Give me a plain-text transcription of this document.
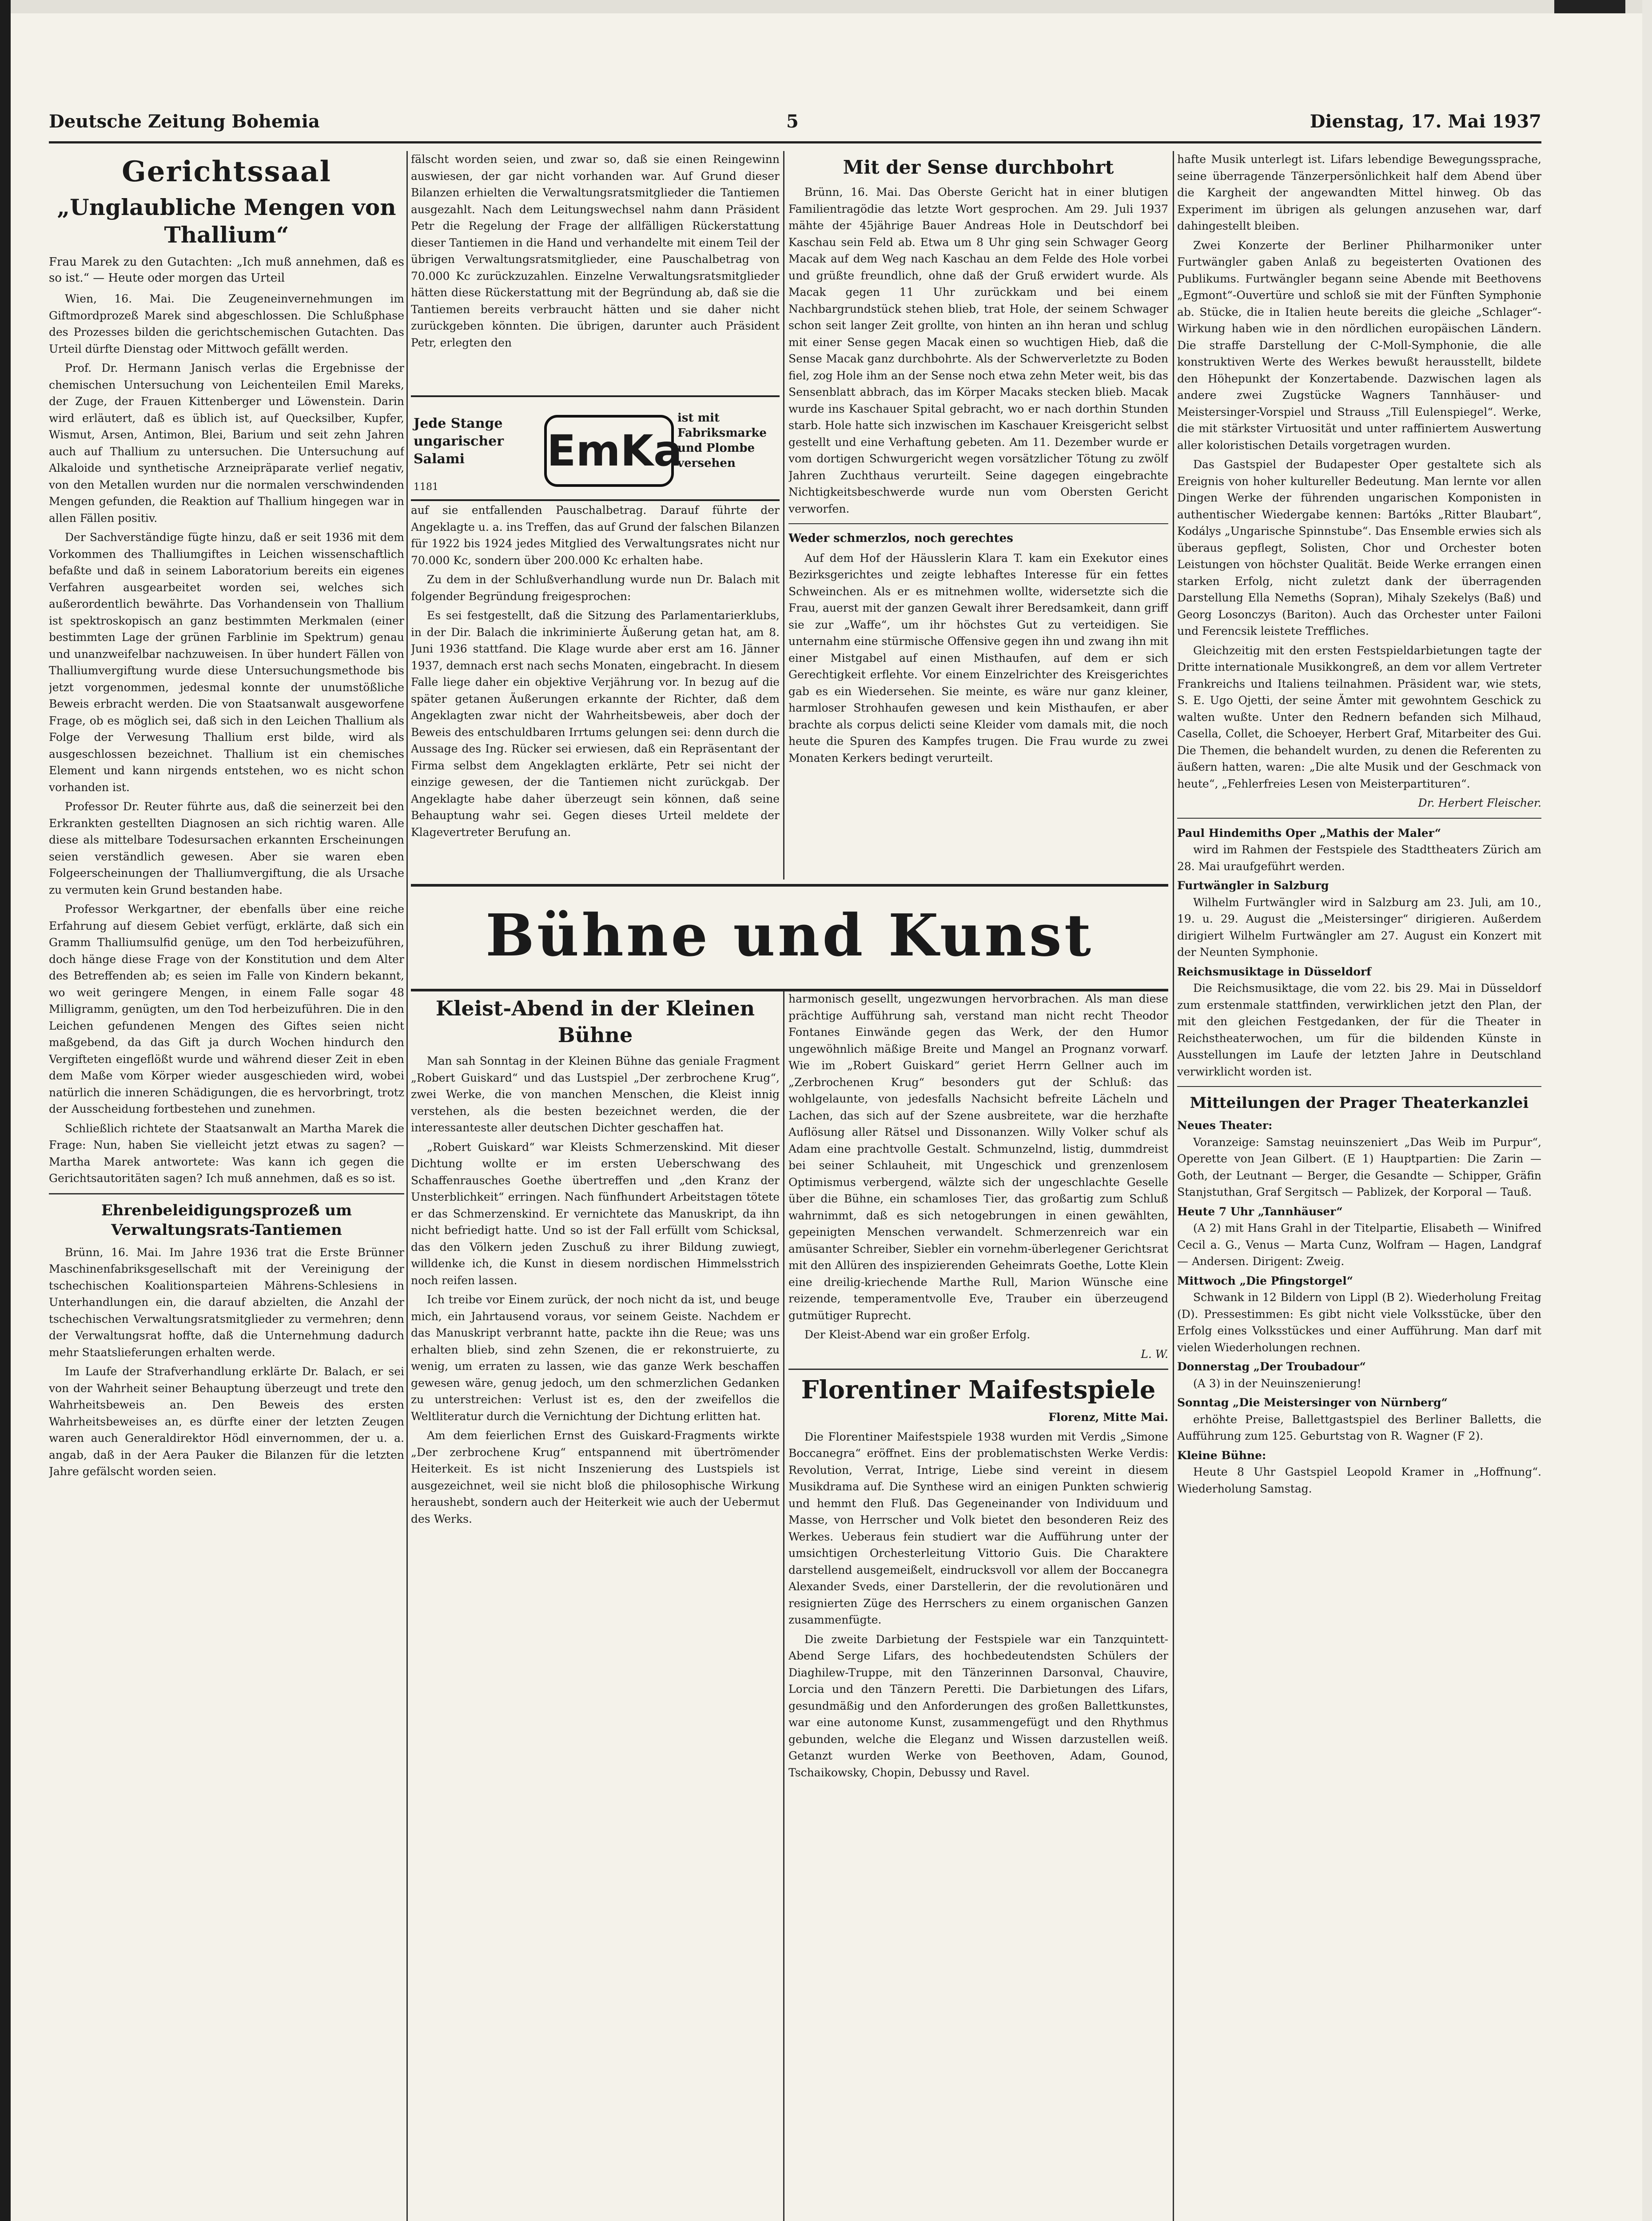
Deutsche Zeitung Bohemia	5	Dienstag, 17. Mai 1937
Gerichtssaal
„Unglaubliche Mengen von Thallium“
Frau Marek zu den Gutachten: „Ich muß annehmen, daß es so ist.“ — Heute oder morgen das Urteil

Wien, 16. Mai. Die Zeugeneinvernehmungen im Giftmordprozeß Marek sind abgeschlossen. Die Schlußphase des Prozesses bilden die gerichtschemischen Gutachten. Das Urteil dürfte Dienstag oder Mittwoch gefällt werden.

Prof. Dr. Hermann Janisch verlas die Ergebnisse der chemischen Untersuchung von Leichenteilen Emil Mareks, der Zuge, der Frauen Kittenberger und Löwenstein. Darin wird erläutert, daß es üblich ist, auf Quecksilber, Kupfer, Wismut, Arsen, Antimon, Blei, Barium und seit zehn Jahren auch auf Thallium zu untersuchen. Die Untersuchung auf Alkaloide und synthetische Arzneipräparate verlief negativ, von den Metallen wurden nur die normalen verschwindenden Mengen gefunden, die Reaktion auf Thallium hingegen war in allen Fällen positiv.

Der Sachverständige fügte hinzu, daß er seit 1936 mit dem Vorkommen des Thalliumgiftes in Leichen wissenschaftlich befaßte und daß in seinem Laboratorium bereits ein eigenes Verfahren ausgearbeitet worden sei, welches sich außerordentlich bewährte. Das Vorhandensein von Thallium ist spektroskopisch an ganz bestimmten Merkmalen (einer bestimmten Lage der grünen Farblinie im Spektrum) genau und unanzweifelbar nachzuweisen. In über hundert Fällen von Thalliumvergiftung wurde diese Untersuchungsmethode bis jetzt vorgenommen, jedesmal konnte der unumstößliche Beweis erbracht werden. Die von Staatsanwalt ausgeworfene Frage, ob es möglich sei, daß sich in den Leichen Thallium als Folge der Verwesung Thallium erst bilde, wird als ausgeschlossen bezeichnet. Thallium ist ein chemisches Element und kann nirgends entstehen, wo es nicht schon vorhanden ist.

Professor Dr. Reuter führte aus, daß die seinerzeit bei den Erkrankten gestellten Diagnosen an sich richtig waren. Alle diese als mittelbare Todesursachen erkannten Erscheinungen seien verständlich gewesen. Aber sie waren eben Folgeerscheinungen der Thalliumvergiftung, die als Ursache zu vermuten kein Grund bestanden habe.

Professor Werkgartner, der ebenfalls über eine reiche Erfahrung auf diesem Gebiet verfügt, erklärte, daß sich ein Gramm Thalliumsulfid genüge, um den Tod herbeizuführen, doch hänge diese Frage von der Konstitution und dem Alter des Betreffenden ab; es seien im Falle von Kindern bekannt, wo weit geringere Mengen, in einem Falle sogar 48 Milligramm, genügten, um den Tod herbeizuführen. Die in den Leichen gefundenen Mengen des Giftes seien nicht maßgebend, da das Gift ja durch Wochen hindurch den Vergifteten eingeflößt wurde und während dieser Zeit in eben dem Maße vom Körper wieder ausgeschieden wird, wobei natürlich die inneren Schädigungen, die es hervorbringt, trotz der Ausscheidung fortbestehen und zunehmen.

Schließlich richtete der Staatsanwalt an Martha Marek die Frage: Nun, haben Sie vielleicht jetzt etwas zu sagen? — Martha Marek antwortete: Was kann ich gegen die Gerichtsautoritäten sagen? Ich muß annehmen, daß es so ist.

Ehrenbeleidigungsprozeß um Verwaltungsrats-Tantiemen

Brünn, 16. Mai. Im Jahre 1936 trat die Erste Brünner Maschinenfabriksgesellschaft mit der Vereinigung der tschechischen Koalitionsparteien Mährens-Schlesiens in Unterhandlungen ein, die darauf abzielten, die Anzahl der tschechischen Verwaltungsratsmitglieder zu vermehren; denn der Verwaltungsrat hoffte, daß die Unternehmung dadurch mehr Staatslieferungen erhalten werde.

Im Laufe der Strafverhandlung erklärte Dr. Balach, er sei von der Wahrheit seiner Behauptung überzeugt und trete den Wahrheitsbeweis an. Den Beweis des ersten Wahrheitsbeweises an, es dürfte einer der letzten Zeugen waren auch Generaldirektor Hödl einvernommen, der u. a. angab, daß in der Aera Pauker die Bilanzen für die letzten Jahre gefälscht worden seien.

fälscht worden seien, und zwar so, daß sie einen Reingewinn auswiesen, der gar nicht vorhanden war. Auf Grund dieser Bilanzen erhielten die Verwaltungsratsmitglieder die Tantiemen ausgezahlt. Nach dem Leitungswechsel nahm dann Präsident Petr die Regelung der Frage der allfälligen Rückerstattung dieser Tantiemen in die Hand und verhandelte mit einem Teil der übrigen Verwaltungsratsmitglieder, eine Pauschalbetrag von 70.000 Kc zurückzuzahlen. Einzelne Verwaltungsratsmitglieder hätten diese Rückerstattung mit der Begründung ab, daß sie die Tantiemen bereits verbraucht hätten und sie daher nicht zurückgeben könnten. Die übrigen, darunter auch Präsident Petr, erlegten den

Jede Stange ungarischer Salami	EmKa
ist mit Fabriksmarke und Plombe versehen
1181

auf sie entfallenden Pauschalbetrag. Darauf führte der Angeklagte u. a. ins Treffen, das auf Grund der falschen Bilanzen für 1922 bis 1924 jedes Mitglied des Verwaltungsrates nicht nur 70.000 Kc, sondern über 200.000 Kc erhalten habe.

Zu dem in der Schlußverhandlung wurde nun Dr. Balach mit folgender Begründung freigesprochen:

Es sei festgestellt, daß die Sitzung des Parlamentarierklubs, in der Dir. Balach die inkriminierte Äußerung getan hat, am 8. Juni 1936 stattfand. Die Klage wurde aber erst am 16. Jänner 1937, demnach erst nach sechs Monaten, eingebracht. In diesem Falle liege daher ein objektive Verjährung vor. In bezug auf die später getanen Äußerungen erkannte der Richter, daß dem Angeklagten zwar nicht der Wahrheitsbeweis, aber doch der Beweis des entschuldbaren Irrtums gelungen sei: denn durch die Aussage des Ing. Rücker sei erwiesen, daß ein Repräsentant der Firma selbst dem Angeklagten erklärte, Petr sei nicht der einzige gewesen, der die Tantiemen nicht zurückgab. Der Angeklagte habe daher überzeugt sein können, daß seine Behauptung wahr sei. Gegen dieses Urteil meldete der Klagevertreter Berufung an.

Mit der Sense durchbohrt

Brünn, 16. Mai. Das Oberste Gericht hat in einer blutigen Familientragödie das letzte Wort gesprochen. Am 29. Juli 1937 mähte der 45jährige Bauer Andreas Hole in Deutschdorf bei Kaschau sein Feld ab. Etwa um 8 Uhr ging sein Schwager Georg Macak auf dem Weg nach Kaschau an dem Felde des Hole vorbei und grüßte freundlich, ohne daß der Gruß erwidert wurde. Als Macak gegen 11 Uhr zurückkam und bei einem Nachbargrundstück stehen blieb, trat Hole, der seinem Schwager schon seit langer Zeit grollte, von hinten an ihn heran und schlug mit einer Sense gegen Macak einen so wuchtigen Hieb, daß die Sense Macak ganz durchbohrte. Als der Schwerverletzte zu Boden fiel, zog Hole ihm an der Sense noch etwa zehn Meter weit, bis das Sensenblatt abbrach, das im Körper Macaks stecken blieb. Macak wurde ins Kaschauer Spital gebracht, wo er nach dorthin Stunden starb. Hole hatte sich inzwischen im Kaschauer Kreisgericht selbst gestellt und eine Verhaftung gebeten. Am 11. Dezember wurde er vom dortigen Schwurgericht wegen vorsätzlicher Tötung zu zwölf Jahren Zuchthaus verurteilt. Seine dagegen eingebrachte Nichtigkeitsbeschwerde wurde nun vom Obersten Gericht verworfen.

Weder schmerzlos, noch gerechtes

Auf dem Hof der Häusslerin Klara T. kam ein Exekutor eines Bezirksgerichtes und zeigte lebhaftes Interesse für ein fettes Schweinchen. Als er es mitnehmen wollte, widersetzte sich die Frau, auerst mit der ganzen Gewalt ihrer Beredsamkeit, dann griff sie zur „Waffe“, um ihr höchstes Gut zu verteidigen. Sie unternahm eine stürmische Offensive gegen ihn und zwang ihn mit einer Mistgabel auf einen Misthaufen, auf dem er sich Gerechtigkeit erflehte. Vor einem Einzelrichter des Kreisgerichtes gab es ein Wiedersehen. Sie meinte, es wäre nur ganz kleiner, harmloser Strohhaufen gewesen und kein Misthaufen, er aber brachte als corpus delicti seine Kleider vom damals mit, die noch heute die Spuren des Kampfes trugen. Die Frau wurde zu zwei Monaten Kerkers bedingt verurteilt.

Bühne und Kunst
Kleist-Abend in der Kleinen Bühne

Man sah Sonntag in der Kleinen Bühne das geniale Fragment „Robert Guiskard“ und das Lustspiel „Der zerbrochene Krug“, zwei Werke, die von manchen Menschen, die Kleist innig verstehen, als die besten bezeichnet werden, die der interessanteste aller deutschen Dichter geschaffen hat.

„Robert Guiskard“ war Kleists Schmerzenskind. Mit dieser Dichtung wollte er im ersten Ueberschwang des Schaffenrausches Goethe übertreffen und „den Kranz der Unsterblichkeit“ erringen. Nach fünfhundert Arbeitstagen tötete er das Schmerzenskind. Er vernichtete das Manuskript, da ihn nicht befriedigt hatte. Und so ist der Fall erfüllt vom Schicksal, das den Völkern jeden Zuschuß zu ihrer Bildung zuwiegt, willdenke ich, die Kunst in diesem nordischen Himmelsstrich noch reifen lassen.

Ich treibe vor Einem zurück, der noch nicht da ist, und beuge mich, ein Jahrtausend voraus, vor seinem Geiste. Nachdem er das Manuskript verbrannt hatte, packte ihn die Reue; was uns erhalten blieb, sind zehn Szenen, die er rekonstruierte, zu wenig, um erraten zu lassen, wie das ganze Werk beschaffen gewesen wäre, genug jedoch, um den schmerzlichen Gedanken zu unterstreichen: Verlust ist es, den der zweifellos die Weltliteratur durch die Vernichtung der Dichtung erlitten hat.

Am dem feierlichen Ernst des Guiskard-Fragments wirkte „Der zerbrochene Krug“ entspannend mit übertrömender Heiterkeit. Es ist nicht Inszenierung des Lustspiels ist ausgezeichnet, weil sie nicht bloß die philosophische Wirkung heraushebt, sondern auch der Heiterkeit wie auch der Uebermut des Werks.

harmonisch gesellt, ungezwungen hervorbrachen. Als man diese prächtige Aufführung sah, verstand man nicht recht Theodor Fontanes Einwände gegen das Werk, der den Humor ungewöhnlich mäßige Breite und Mangel an Prognanz vorwarf. Wie im „Robert Guiskard“ geriet Herrn Gellner auch im „Zerbrochenen Krug“ besonders gut der Schluß: das wohlgelaunte, von jedesfalls Nachsicht befreite Lächeln und Lachen, das sich auf der Szene ausbreitete, war die herzhafte Auflösung aller Rätsel und Dissonanzen. Willy Volker schuf als Adam eine prachtvolle Gestalt. Schmunzelnd, listig, dummdreist bei seiner Schlauheit, mit Ungeschick und grenzenlosem Optimismus verbergend, wälzte sich der ungeschlachte Geselle über die Bühne, ein schamloses Tier, das großartig zum Schluß wahrnimmt, daß es sich netogebrungen in einen gewählten, gepeinigten Menschen verwandelt. Schmerzenreich war ein amüsanter Schreiber, Siebler ein vornehm-überlegener Gerichtsrat mit den Allüren des inspizierenden Geheimrats Goethe, Lotte Klein eine dreilig-kriechende Marthe Rull, Marion Wünsche eine reizende, temperamentvolle Eve, Trauber ein überzeugend gutmütiger Ruprecht.

Der Kleist-Abend war ein großer Erfolg.

L. W.
Florentiner Maifestspiele
Florenz, Mitte Mai.

Die Florentiner Maifestspiele 1938 wurden mit Verdis „Simone Boccanegra“ eröffnet. Eins der problematischsten Werke Verdis: Revolution, Verrat, Intrige, Liebe sind vereint in diesem Musikdrama auf. Die Synthese wird an einigen Punkten schwierig und hemmt den Fluß. Das Gegeneinander von Individuum und Masse, von Herrscher und Volk bietet den besonderen Reiz des Werkes. Ueberaus fein studiert war die Aufführung unter der umsichtigen Orchesterleitung Vittorio Guis. Die Charaktere darstellend ausgemeißelt, eindrucksvoll vor allem der Boccanegra Alexander Sveds, einer Darstellerin, der die revolutionären und resignierten Züge des Herrschers zu einem organischen Ganzen zusammenfügte.

Die zweite Darbietung der Festspiele war ein Tanzquintett-Abend Serge Lifars, des hochbedeutendsten Schülers der Diaghilew-Truppe, mit den Tänzerinnen Darsonval, Chauvire, Lorcia und den Tänzern Peretti. Die Darbietungen des Lifars, gesundmäßig und den Anforderungen des großen Ballettkunstes, war eine autonome Kunst, zusammengefügt und den Rhythmus gebunden, welche die Eleganz und Wissen darzustellen weiß. Getanzt wurden Werke von Beethoven, Adam, Gounod, Tschaikowsky, Chopin, Debussy und Ravel.

hafte Musik unterlegt ist. Lifars lebendige Bewegungssprache, seine überragende Tänzerpersönlichkeit half dem Abend über die Kargheit der angewandten Mittel hinweg. Ob das Experiment im übrigen als gelungen anzusehen war, darf dahingestellt bleiben.

Zwei Konzerte der Berliner Philharmoniker unter Furtwängler gaben Anlaß zu begeisterten Ovationen des Publikums. Furtwängler begann seine Abende mit Beethovens „Egmont“-Ouvertüre und schloß sie mit der Fünften Symphonie ab. Stücke, die in Italien heute bereits die gleiche „Schlager“-Wirkung haben wie in den nördlichen europäischen Ländern. Die straffe Darstellung der C-Moll-Symphonie, die alle konstruktiven Werte des Werkes bewußt herausstellt, bildete den Höhepunkt der Konzertabende. Dazwischen lagen als andere zwei Zugstücke Wagners Tannhäuser- und Meistersinger-Vorspiel und Strauss „Till Eulenspiegel“. Werke, die mit stärkster Virtuosität und unter raffiniertem Auswertung aller koloristischen Details vorgetragen wurden.

Das Gastspiel der Budapester Oper gestaltete sich als Ereignis von hoher kultureller Bedeutung. Man lernte vor allen Dingen Werke der führenden ungarischen Komponisten in authentischer Wiedergabe kennen: Bartóks „Ritter Blaubart“, Kodálys „Ungarische Spinnstube“. Das Ensemble erwies sich als überaus gepflegt, Solisten, Chor und Orchester boten Leistungen von höchster Qualität. Beide Werke errangen einen starken Erfolg, nicht zuletzt dank der überragenden Darstellung Ella Nemeths (Sopran), Mihaly Szekelys (Baß) und Georg Losonczys (Bariton). Auch das Orchester unter Failoni und Ferencsik leistete Treffliches.

Gleichzeitig mit den ersten Festspieldarbietungen tagte der Dritte internationale Musikkongreß, an dem vor allem Vertreter Frankreichs und Italiens teilnahmen. Präsident war, wie stets, S. E. Ugo Ojetti, der seine Ämter mit gewohntem Geschick zu walten wußte. Unter den Rednern befanden sich Milhaud, Casella, Collet, die Schoeyer, Herbert Graf, Mitarbeiter des Gui. Die Themen, die behandelt wurden, zu denen die Referenten zu äußern hatten, waren: „Die alte Musik und der Geschmack von heute“, „Fehlerfreies Lesen von Meisterpartituren“.

Dr. Herbert Fleischer.
Paul Hindemiths Oper „Mathis der Maler“

wird im Rahmen der Festspiele des Stadttheaters Zürich am 28. Mai uraufgeführt werden.

Furtwängler in Salzburg

Wilhelm Furtwängler wird in Salzburg am 23. Juli, am 10., 19. u. 29. August die „Meistersinger“ dirigieren. Außerdem dirigiert Wilhelm Furtwängler am 27. August ein Konzert mit der Neunten Symphonie.

Reichsmusiktage in Düsseldorf

Die Reichsmusiktage, die vom 22. bis 29. Mai in Düsseldorf zum erstenmale stattfinden, verwirklichen jetzt den Plan, der mit den gleichen Festgedanken, der für die Theater in Reichstheaterwochen, um für die bildenden Künste in Ausstellungen im Laufe der letzten Jahre in Deutschland verwirklicht worden ist.

Mitteilungen der Prager Theaterkanzlei
Neues Theater:

Voranzeige: Samstag neuinszeniert „Das Weib im Purpur“, Operette von Jean Gilbert. (E 1) Hauptpartien: Die Zarin — Goth, der Leutnant — Berger, die Gesandte — Schipper, Gräfin Stanjstuthan, Graf Sergitsch — Pablizek, der Korporal — Tauß.

Heute 7 Uhr „Tannhäuser“

(A 2) mit Hans Grahl in der Titelpartie, Elisabeth — Winifred Cecil a. G., Venus — Marta Cunz, Wolfram — Hagen, Landgraf — Andersen. Dirigent: Zweig.

Mittwoch „Die Pfingstorgel“

Schwank in 12 Bildern von Lippl (B 2). Wiederholung Freitag (D). Pressestimmen: Es gibt nicht viele Volksstücke, über den Erfolg eines Volksstückes und einer Aufführung. Man darf mit vielen Wiederholungen rechnen.

Donnerstag „Der Troubadour“

(A 3) in der Neuinszenierung!

Sonntag „Die Meistersinger von Nürnberg“

erhöhte Preise, Ballettgastspiel des Berliner Balletts, die Aufführung zum 125. Geburtstag von R. Wagner (F 2).

Kleine Bühne:

Heute 8 Uhr Gastspiel Leopold Kramer in „Hoffnung“. Wiederholung Samstag.
